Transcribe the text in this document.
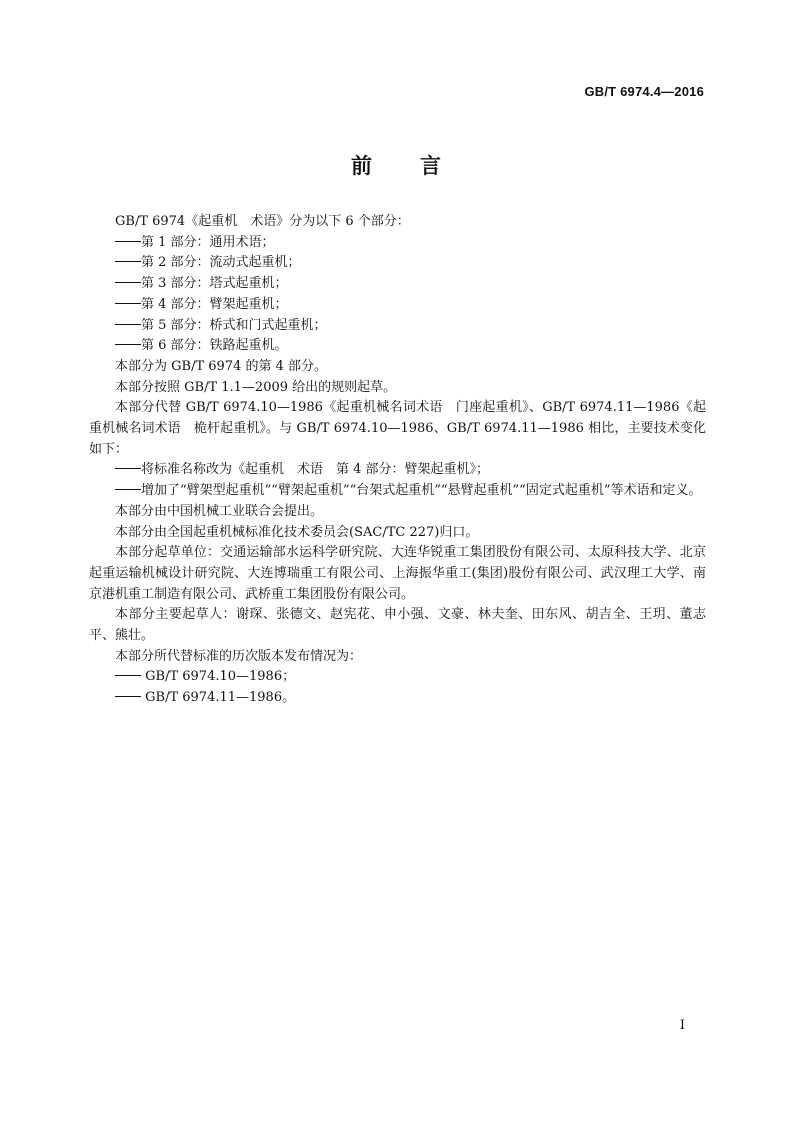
GB/T 6974.4—2016
前 言

GB/T 6974《起重机　术语》分为以下 6 个部分：

第 1 部分：通用术语；

第 2 部分：流动式起重机；

第 3 部分：塔式起重机；

第 4 部分：臂架起重机；

第 5 部分：桥式和门式起重机；

第 6 部分：铁路起重机。

本部分为 GB/T 6974 的第 4 部分。

本部分按照 GB/T 1.1—2009 给出的规则起草。

本部分代替 GB/T 6974.10—1986《起重机械名词术语　门座起重机》、GB/T 6974.11—1986《起重机械名词术语　桅杆起重机》。与 GB/T 6974.10—1986、GB/T 6974.11—1986 相比，主要技术变化如下：

将标准名称改为《起重机　术语　第 4 部分：臂架起重机》；

增加了“臂架型起重机”“臂架起重机”“台架式起重机”“悬臂起重机”“固定式起重机”等术语和定义。

本部分由中国机械工业联合会提出。

本部分由全国起重机械标准化技术委员会(SAC/TC 227)归口。

本部分起草单位：交通运输部水运科学研究院、大连华锐重工集团股份有限公司、太原科技大学、北京起重运输机械设计研究院、大连博瑞重工有限公司、上海振华重工(集团)股份有限公司、武汉理工大学、南京港机重工制造有限公司、武桥重工集团股份有限公司。

本部分主要起草人：谢琛、张德文、赵宪花、申小强、文豪、林夫奎、田东风、胡吉全、王玥、董志平、熊壮。

本部分所代替标准的历次版本发布情况为：

GB/T 6974.10—1986；

GB/T 6974.11—1986。

I
